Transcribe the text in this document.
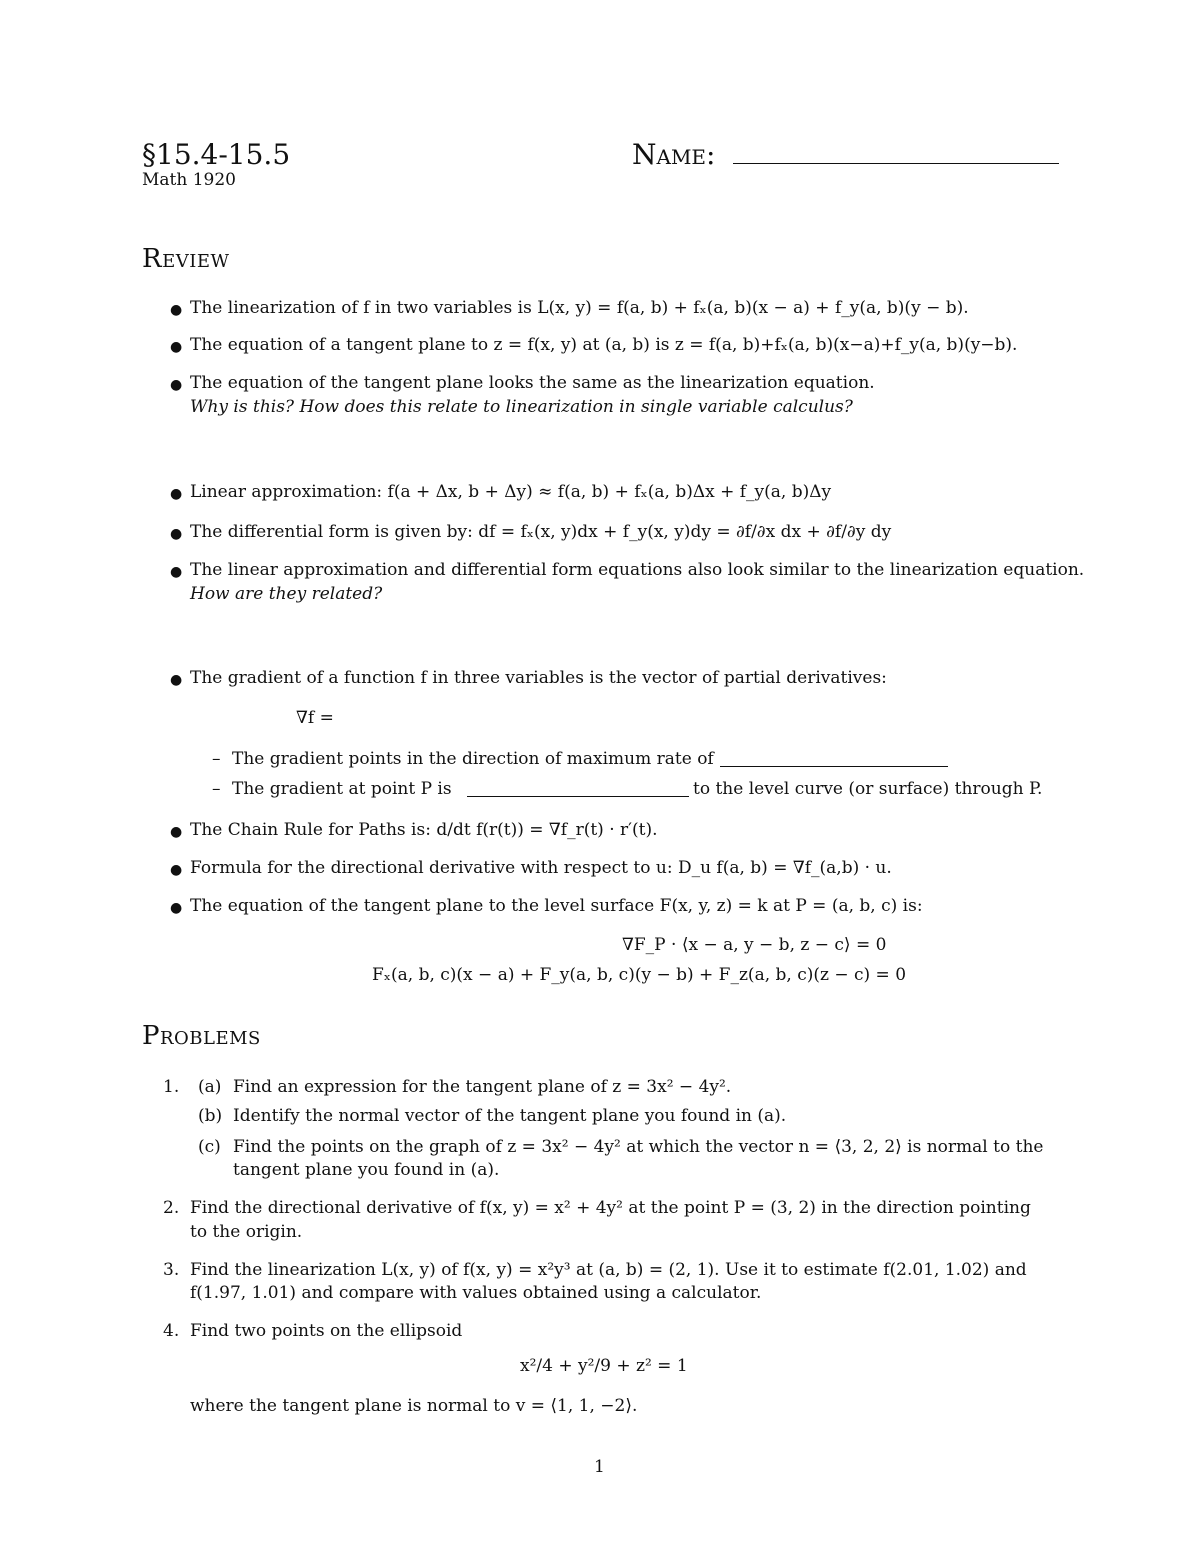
§15.4-15.5
Math 1920
Name:
Review
● The linearization of f in two variables is L(x, y) = f(a, b) + fₓ(a, b)(x − a) + f_y(a, b)(y − b).
● The equation of a tangent plane to z = f(x, y) at (a, b) is z = f(a, b)+fₓ(a, b)(x−a)+f_y(a, b)(y−b).
● The equation of the tangent plane looks the same as the linearization equation.
Why is this? How does this relate to linearization in single variable calculus?
● Linear approximation: f(a + Δx, b + Δy) ≈ f(a, b) + fₓ(a, b)Δx + f_y(a, b)Δy
● The differential form is given by: df = fₓ(x, y)dx + f_y(x, y)dy = ∂f/∂x dx + ∂f/∂y dy
● The linear approximation and differential form equations also look similar to the linearization equation.
How are they related?
● The gradient of a function f in three variables is the vector of partial derivatives:
∇f =
– The gradient points in the direction of maximum rate of
– The gradient at point P is	to the level curve (or surface) through P.
● The Chain Rule for Paths is: d/dt f(r(t)) = ∇f_r(t) · r′(t).
● Formula for the directional derivative with respect to u: D_u f(a, b) = ∇f_(a,b) · u.
● The equation of the tangent plane to the level surface F(x, y, z) = k at P = (a, b, c) is:
∇F_P · ⟨x − a, y − b, z − c⟩ = 0
Fₓ(a, b, c)(x − a) + F_y(a, b, c)(y − b) + F_z(a, b, c)(z − c) = 0
Problems
1. (a) Find an expression for the tangent plane of z = 3x² − 4y².
(b) Identify the normal vector of the tangent plane you found in (a).
(c) Find the points on the graph of z = 3x² − 4y² at which the vector n = ⟨3, 2, 2⟩ is normal to the
tangent plane you found in (a).
2. Find the directional derivative of f(x, y) = x² + 4y² at the point P = (3, 2) in the direction pointing
to the origin.
3. Find the linearization L(x, y) of f(x, y) = x²y³ at (a, b) = (2, 1). Use it to estimate f(2.01, 1.02) and
f(1.97, 1.01) and compare with values obtained using a calculator.
4. Find two points on the ellipsoid
x²/4 + y²/9 + z² = 1
where the tangent plane is normal to v = ⟨1, 1, −2⟩.
1
